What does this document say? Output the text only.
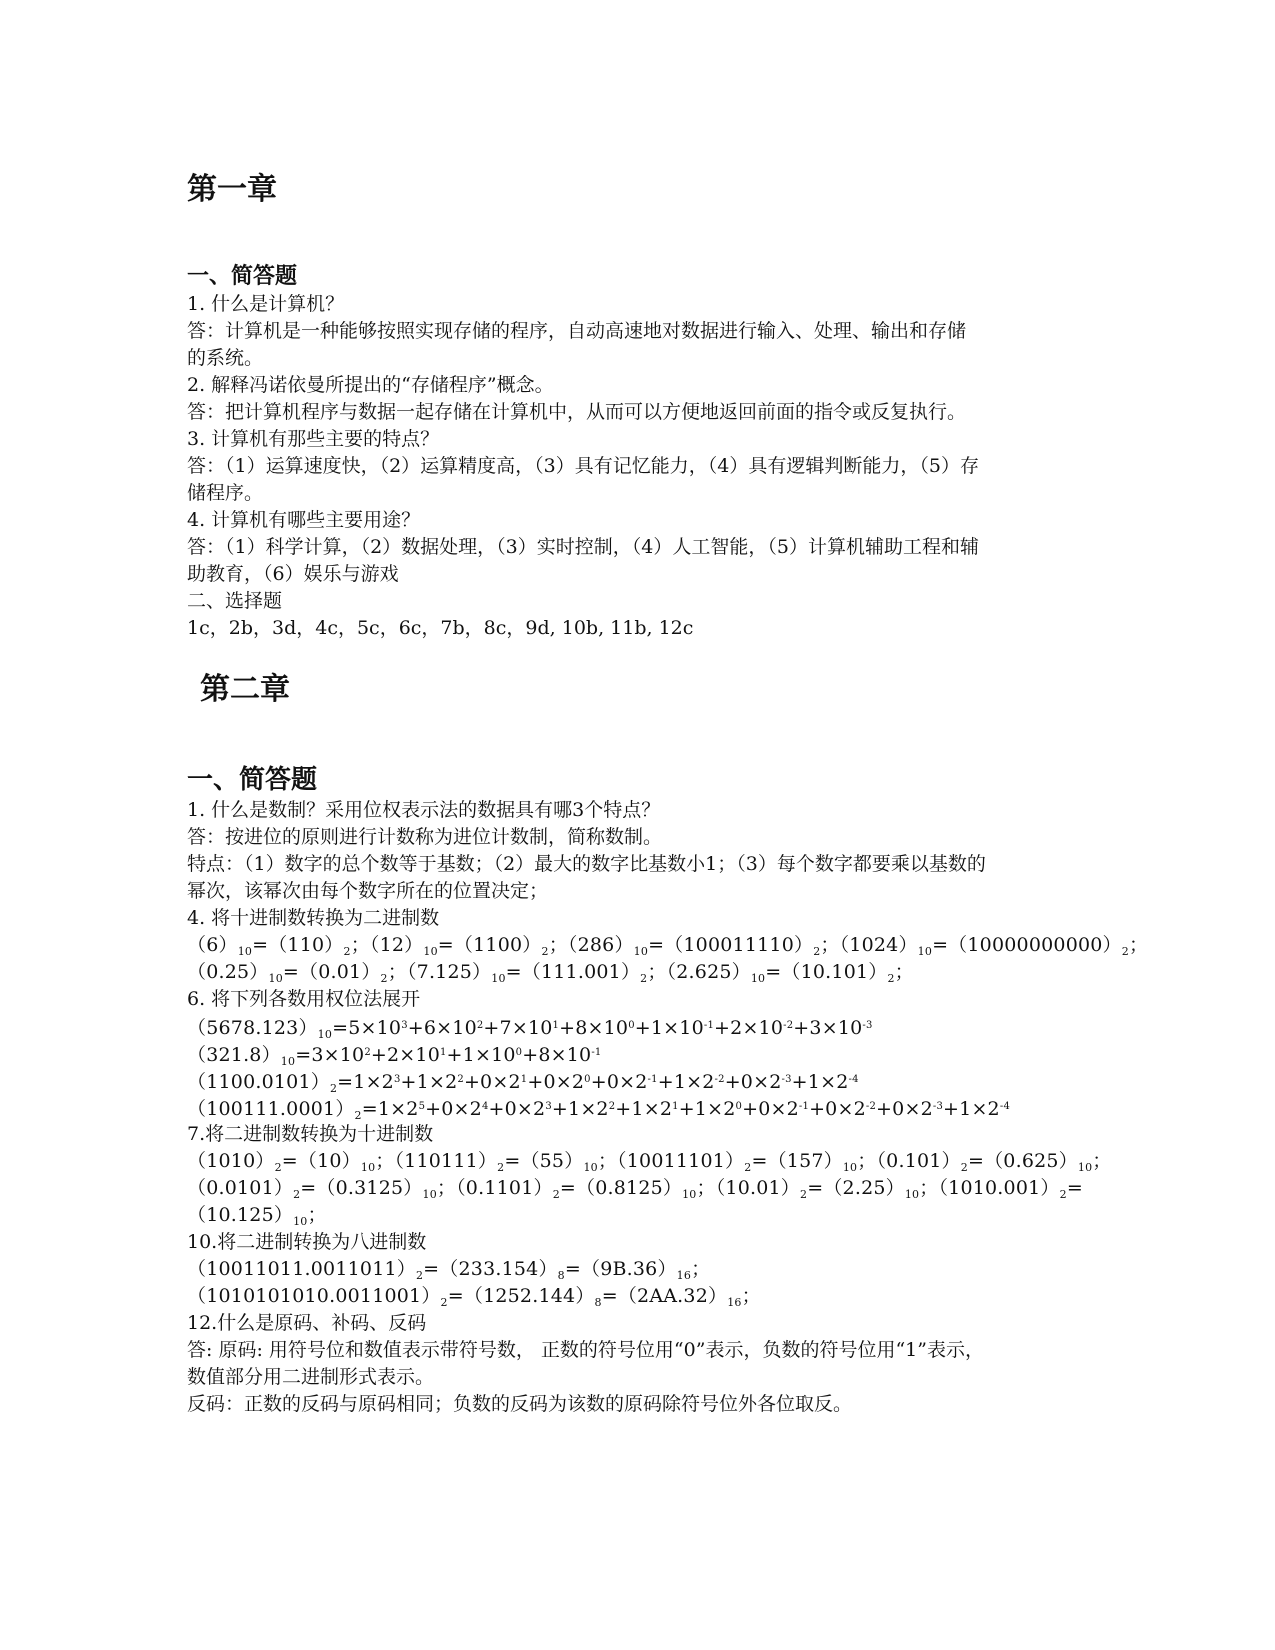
第一章
一、简答题
1. 什么是计算机？
答：计算机是一种能够按照实现存储的程序，自动高速地对数据进行输入、处理、输出和存储
的系统。
2. 解释冯诺依曼所提出的“存储程序”概念。
答：把计算机程序与数据一起存储在计算机中，从而可以方便地返回前面的指令或反复执行。
3. 计算机有那些主要的特点？
答：（1）运算速度快，（2）运算精度高，（3）具有记忆能力，（4）具有逻辑判断能力，（5）存
储程序。
4. 计算机有哪些主要用途？
答：（1）科学计算，（2）数据处理，（3）实时控制，（4）人工智能，（5）计算机辅助工程和辅
助教育，（6）娱乐与游戏
二、选择题
1c，2b，3d，4c，5c，6c，7b，8c，9d, 10b, 11b, 12c
第二章
一、简答题
1. 什么是数制？采用位权表示法的数据具有哪3个特点？
答：按进位的原则进行计数称为进位计数制，简称数制。
特点：（1）数字的总个数等于基数；（2）最大的数字比基数小1；（3）每个数字都要乘以基数的
幂次，该幂次由每个数字所在的位置决定；
4. 将十进制数转换为二进制数
$(6)_{10}=(110)_2$；$(12)_{10}=(1100)_2$；$(286)_{10}=(100011110)_2$；$(1024)_{10}=(10000000000)_2$；
$(0.25)_{10}=(0.01)_2$；$(7.125)_{10}=(111.001)_2$；$(2.625)_{10}=(10.101)_2$；
6. 将下列各数用权位法展开
$(5678.123)_{10}=5\times 10^3+6\times 10^2+7\times 10^1+8\times 10^0+1\times 10^{-1}+2\times 10^{-2}+3\times 10^{-3}$
$(321.8)_{10}=3\times 10^2+2\times 10^1+1\times 10^0+8\times 10^{-1}$
$(1100.0101)_2=1\times 2^3+1\times 2^2+0\times 2^1+0\times 2^0+0\times 2^{-1}+1\times 2^{-2}+0\times 2^{-3}+1\times 2^{-4}$
$(100111.0001)_2=1\times 2^5+0\times 2^4+0\times 2^3+1\times 2^2+1\times 2^1+1\times 2^0+0\times 2^{-1}+0\times 2^{-2}+0\times 2^{-3}+1\times 2^{-4}$
7.将二进制数转换为十进制数
$(1010)_2=(10)_{10}$；$(110111)_2=(55)_{10}$；$(10011101)_2=(157)_{10}$；$(0.101)_2=(0.625)_{10}$；
$(0.0101)_2=(0.3125)_{10}$；$(0.1101)_2=(0.8125)_{10}$；$(10.01)_2=(2.25)_{10}$；$(1010.001)_2=$
$(10.125)_{10}$；
10.将二进制转换为八进制数
$(10011011.0011011)_2=(233.154)_8=(9B.36)_{16}$；
$(1010101010.0011001)_2=(1252.144)_8=(2AA.32)_{16}$；
12.什么是原码、补码、反码
答: 原码: 用符号位和数值表示带符号数， 正数的符号位用“0”表示，负数的符号位用“1”表示，
数值部分用二进制形式表示。
反码：正数的反码与原码相同；负数的反码为该数的原码除符号位外各位取反。
